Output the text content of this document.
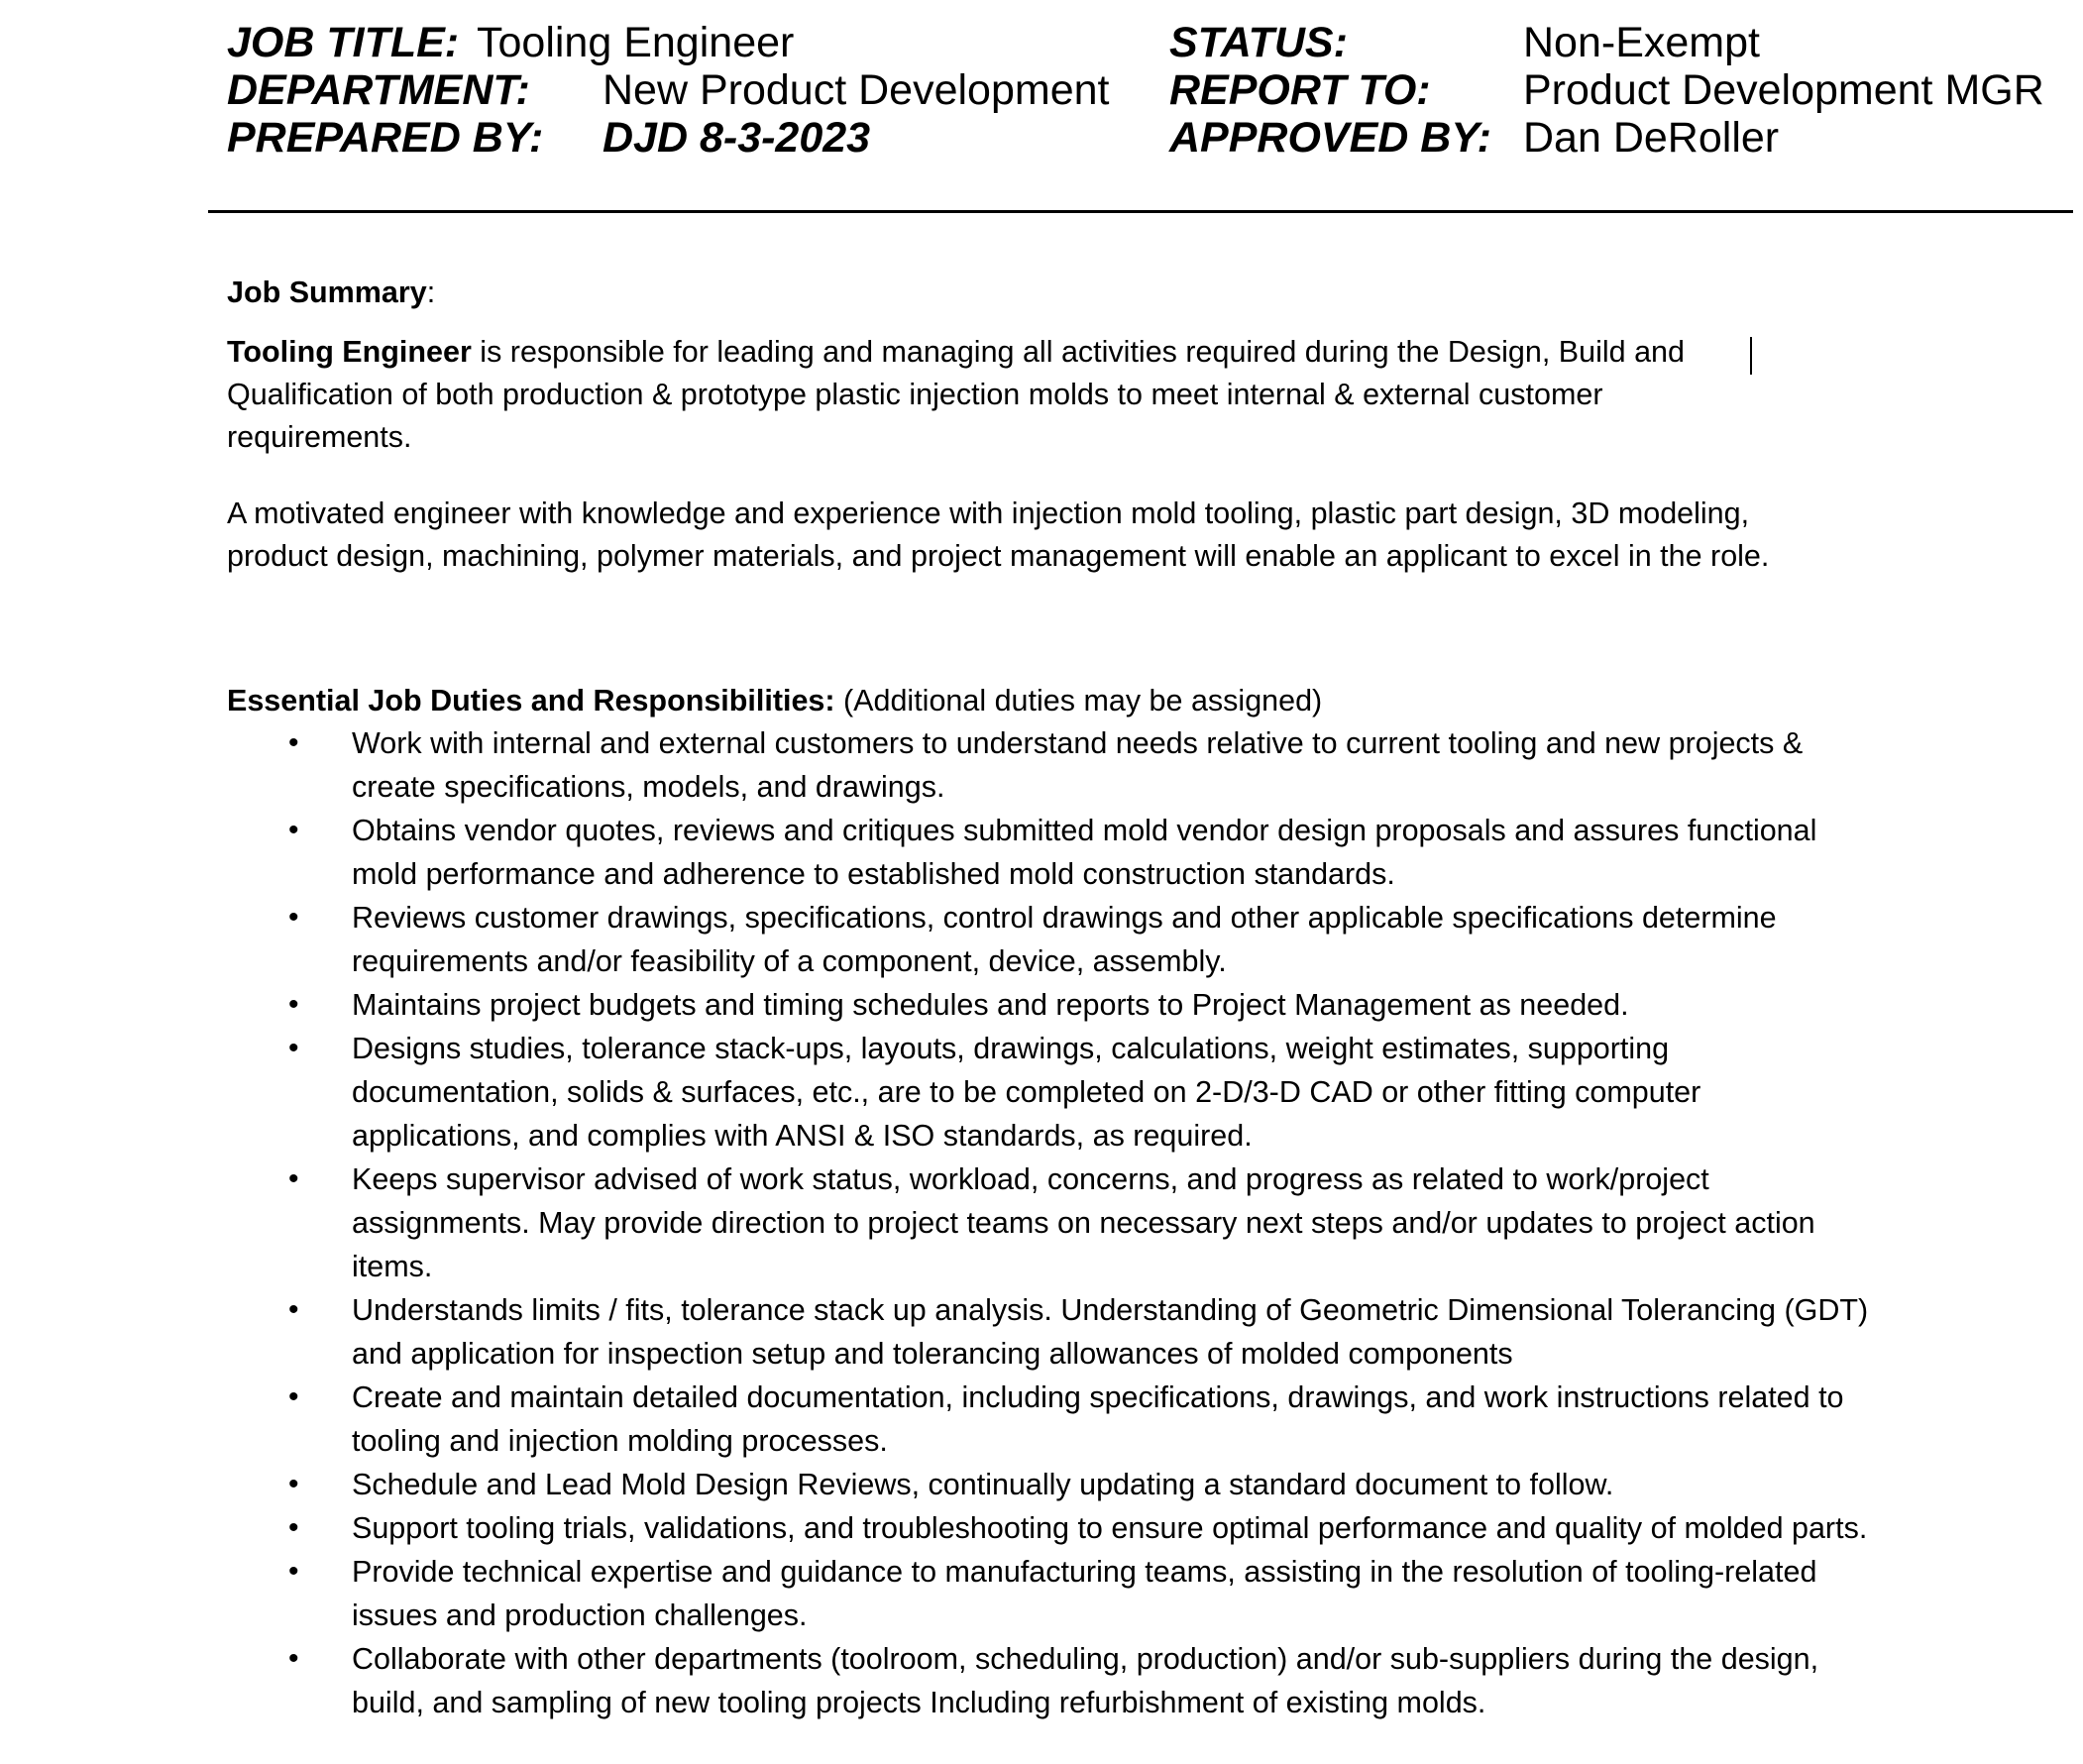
JOB TITLE: Tooling Engineer
DEPARTMENT: New Product Development
PREPARED BY: DJD 8-3-2023
STATUS:	Non-Exempt
REPORT TO: Product Development MGR
APPROVED BY: Dan DeRoller
Job Summary:

Tooling Engineer is responsible for leading and managing all activities required during the Design, Build and Qualification of both production & prototype plastic injection molds to meet internal & external customer requirements.

A motivated engineer with knowledge and experience with injection mold tooling, plastic part design, 3D modeling, product design, machining, polymer materials, and project management will enable an applicant to excel in the role.

Essential Job Duties and Responsibilities: (Additional duties may be assigned)
• Work with internal and external customers to understand needs relative to current tooling and new projects & create specifications, models, and drawings.
• Obtains vendor quotes, reviews and critiques submitted mold vendor design proposals and assures functional mold performance and adherence to established mold construction standards.
• Reviews customer drawings, specifications, control drawings and other applicable specifications determine requirements and/or feasibility of a component, device, assembly.
• Maintains project budgets and timing schedules and reports to Project Management as needed.
• Designs studies, tolerance stack-ups, layouts, drawings, calculations, weight estimates, supporting documentation, solids & surfaces, etc., are to be completed on 2-D/3-D CAD or other fitting computer applications, and complies with ANSI & ISO standards, as required.
• Keeps supervisor advised of work status, workload, concerns, and progress as related to work/project assignments. May provide direction to project teams on necessary next steps and/or updates to project action items.
• Understands limits / fits, tolerance stack up analysis. Understanding of Geometric Dimensional Tolerancing (GDT) and application for inspection setup and tolerancing allowances of molded components
• Create and maintain detailed documentation, including specifications, drawings, and work instructions related to tooling and injection molding processes.
• Schedule and Lead Mold Design Reviews, continually updating a standard document to follow.
• Support tooling trials, validations, and troubleshooting to ensure optimal performance and quality of molded parts.
• Provide technical expertise and guidance to manufacturing teams, assisting in the resolution of tooling-related issues and production challenges.
• Collaborate with other departments (toolroom, scheduling, production) and/or sub-suppliers during the design, build, and sampling of new tooling projects Including refurbishment of existing molds.
